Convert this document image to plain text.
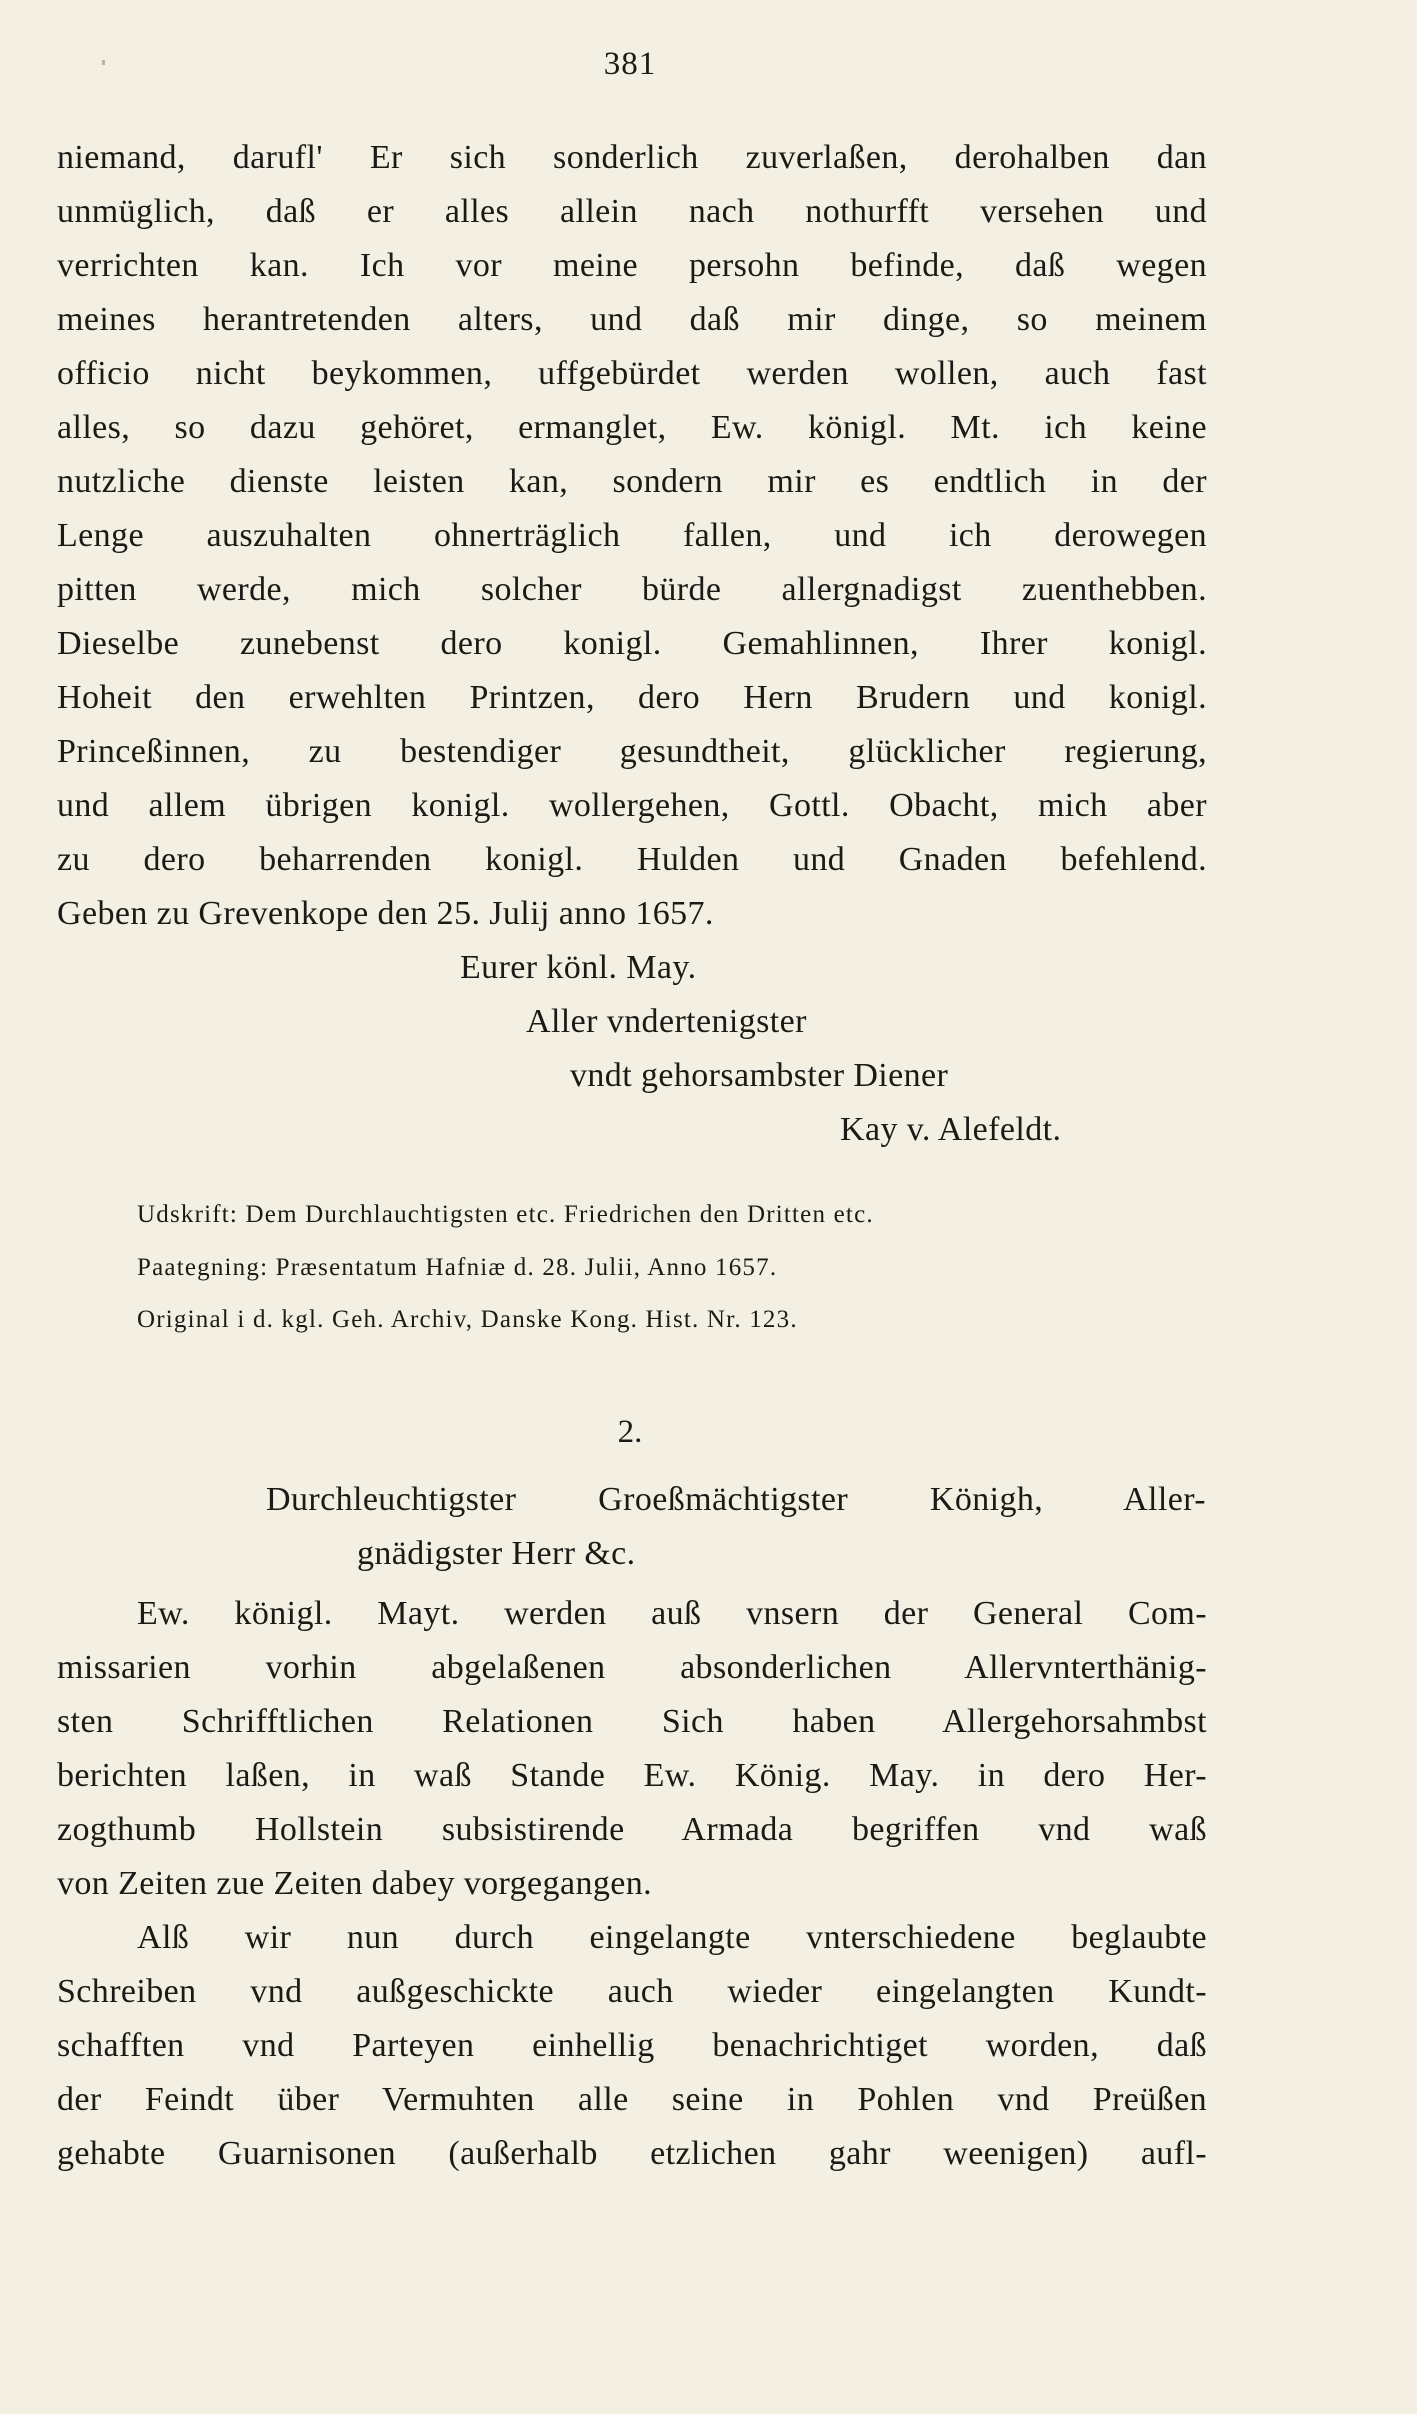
381
niemand, darufl' Er sich sonderlich zuverlaßen, derohalben dan
unmüglich, daß er alles allein nach nothurfft versehen und
verrichten kan. Ich vor meine persohn befinde, daß wegen
meines herantretenden alters, und daß mir dinge, so meinem
officio nicht beykommen, uffgebürdet werden wollen, auch fast
alles, so dazu gehöret, ermanglet, Ew. königl. Mt. ich keine
nutzliche dienste leisten kan, sondern mir es endtlich in der
Lenge auszuhalten ohnerträglich fallen, und ich derowegen
pitten werde, mich solcher bürde allergnadigst zuenthebben.
Dieselbe zunebenst dero konigl. Gemahlinnen, Ihrer konigl.
Hoheit den erwehlten Printzen, dero Hern Brudern und konigl.
Princeßinnen, zu bestendiger gesundtheit, glücklicher regierung,
und allem übrigen konigl. wollergehen, Gottl. Obacht, mich aber
zu dero beharrenden konigl. Hulden und Gnaden befehlend.
Geben zu Grevenkope den 25. Julij anno 1657.
Eurer könl. May.
Aller vndertenigster
vndt gehorsambster Diener
Kay v. Alefeldt.
Udskrift: Dem Durchlauchtigsten etc. Friedrichen den Dritten etc.
Paategning: Præsentatum Hafniæ d. 28. Julii, Anno 1657.
Original i d. kgl. Geh. Archiv, Danske Kong. Hist. Nr. 123.
2.
Durchleuchtigster Groeßmächtigster Königh, Aller-
gnädigster Herr &c.
Ew. königl. Mayt. werden auß vnsern der General Com-
missarien vorhin abgelaßenen absonderlichen Allervnterthänig-
sten Schrifftlichen Relationen Sich haben Allergehorsahmbst
berichten laßen, in waß Stande Ew. König. May. in dero Her-
zogthumb Hollstein subsistirende Armada begriffen vnd waß
von Zeiten zue Zeiten dabey vorgegangen.
Alß wir nun durch eingelangte vnterschiedene beglaubte
Schreiben vnd außgeschickte auch wieder eingelangten Kundt-
schafften vnd Parteyen einhellig benachrichtiget worden, daß
der Feindt über Vermuhten alle seine in Pohlen vnd Preüßen
gehabte Guarnisonen (außerhalb etzlichen gahr weenigen) aufl-
